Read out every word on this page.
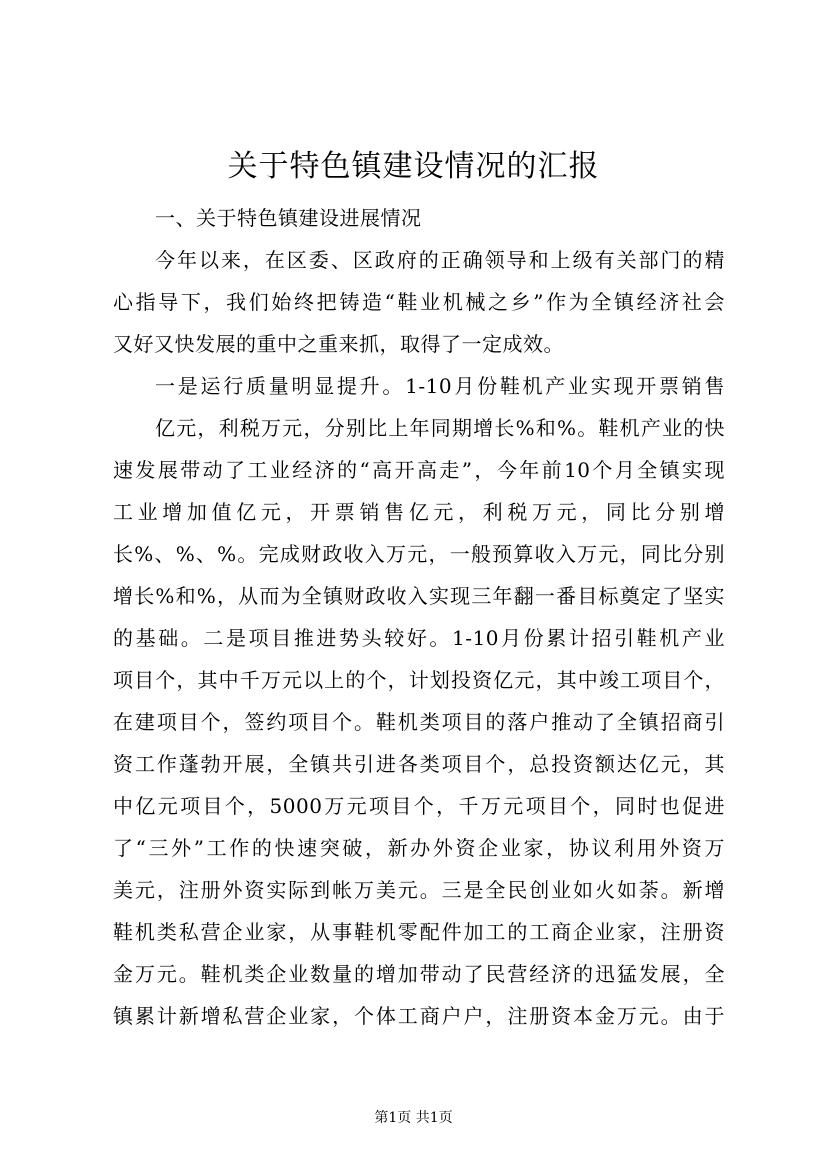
关于特色镇建设情况的汇报
一、关于特色镇建设进展情况
今年以来，在区委、区政府的正确领导和上级有关部门的精
心指导下，我们始终把铸造“鞋业机械之乡”作为全镇经济社会
又好又快发展的重中之重来抓，取得了一定成效。
一是运行质量明显提升。1-10月份鞋机产业实现开票销售
亿元，利税万元，分别比上年同期增长%和%。鞋机产业的快
速发展带动了工业经济的“高开高走”，今年前10个月全镇实现
工业增加值亿元，开票销售亿元，利税万元，同比分别增
长%、%、%。完成财政收入万元，一般预算收入万元，同比分别
增长%和%，从而为全镇财政收入实现三年翻一番目标奠定了坚实
的基础。二是项目推进势头较好。1-10月份累计招引鞋机产业
项目个，其中千万元以上的个，计划投资亿元，其中竣工项目个，
在建项目个，签约项目个。鞋机类项目的落户推动了全镇招商引
资工作蓬勃开展，全镇共引进各类项目个，总投资额达亿元，其
中亿元项目个，5000万元项目个，千万元项目个，同时也促进
了“三外”工作的快速突破，新办外资企业家，协议利用外资万
美元，注册外资实际到帐万美元。三是全民创业如火如荼。新增
鞋机类私营企业家，从事鞋机零配件加工的工商企业家，注册资
金万元。鞋机类企业数量的增加带动了民营经济的迅猛发展，全
镇累计新增私营企业家，个体工商户户，注册资本金万元。由于
第1页 共1页
